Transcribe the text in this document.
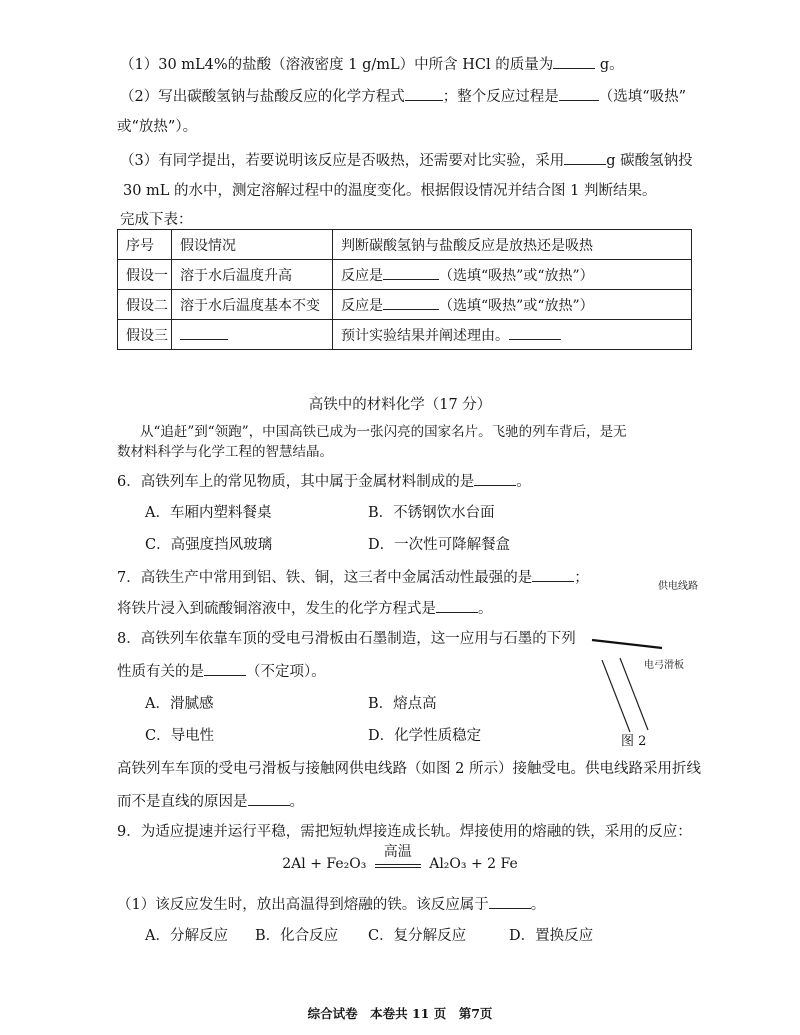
（1）30 mL4%的盐酸（溶液密度 1 g/mL）中所含 HCl 的质量为	g。
（2）写出碳酸氢钠与盐酸反应的化学方程式	；整个反应过程是	（选填“吸热”
或“放热”）。
（3）有同学提出，若要说明该反应是否吸热，还需要对比实验，采用	g 碳酸氢钠投
30 mL 的水中，测定溶解过程中的温度变化。根据假设情况并结合图 1 判断结果。
完成下表：
序号	假设情况	判断碳酸氢钠与盐酸反应是放热还是吸热
假设一	溶于水后温度升高	反应是 （选填“吸热”或“放热”）
假设二	溶于水后温度基本不变	反应是 （选填“吸热”或“放热”）
假设三		预计实验结果并阐述理由。
高铁中的材料化学（17 分）
从“追赶”到“领跑”，中国高铁已成为一张闪亮的国家名片。飞驰的列车背后，是无
数材料科学与化学工程的智慧结晶。
6．高铁列车上的常见物质，其中属于金属材料制成的是	。
A．车厢内塑料餐桌	B．不锈钢饮水台面
C．高强度挡风玻璃	D．一次性可降解餐盒
7．高铁生产中常用到铝、铁、铜，这三者中金属活动性最强的是	；
将铁片浸入到硫酸铜溶液中，发生的化学方程式是	。
8．高铁列车依靠车顶的受电弓滑板由石墨制造，这一应用与石墨的下列
性质有关的是	（不定项）。
A．滑腻感	B．熔点高
C．导电性	D．化学性质稳定
供电线路
电弓滑板
图 2
高铁列车车顶的受电弓滑板与接触网供电线路（如图 2 所示）接触受电。供电线路采用折线
而不是直线的原因是	。
9．为适应提速并运行平稳，需把短轨焊接连成长轨。焊接使用的熔融的铁，采用的反应：
2Al + Fe₂O₃
高温
Al₂O₃ + 2 Fe
（1）该反应发生时，放出高温得到熔融的铁。该反应属于	。
A．分解反应 B．化合反应 C．复分解反应	D．置换反应
综合试卷　本卷共 11 页　第7页
